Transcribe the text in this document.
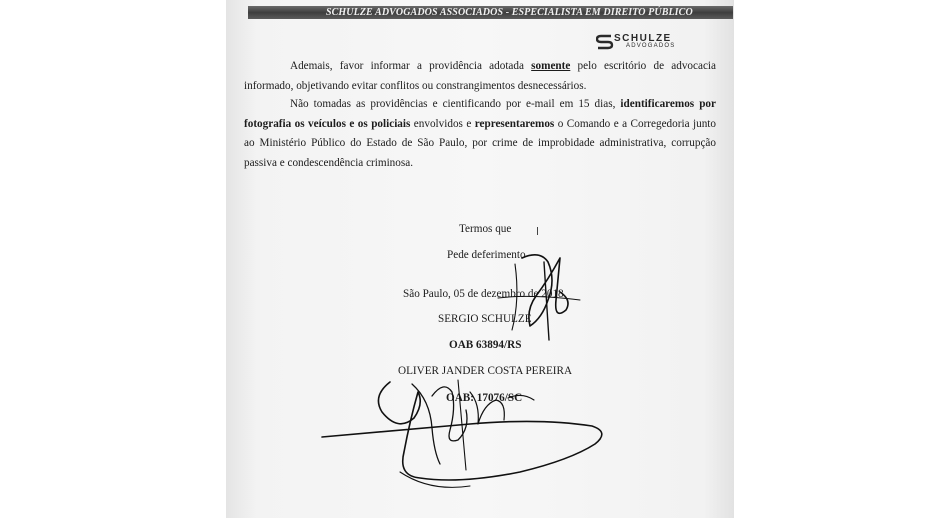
SCHULZE ADVOGADOS ASSOCIADOS - ESPECIALISTA EM DIREITO PÚBLICO
SCHULZE
ADVOGADOS
Ademais, favor informar a providência adotada somente pelo escritório de advocacia informado, objetivando evitar conflitos ou constrangimentos desnecessários.
Não tomadas as providências e cientificando por e-mail em 15 dias, identificaremos por fotografia os veículos e os policiais envolvidos e representaremos o Comando e a Corregedoria junto ao Ministério Público do Estado de São Paulo, por crime de improbidade administrativa, corrupção passiva e condescendência criminosa.
Termos que
Pede deferimento
São Paulo, 05 de dezembro de 2018
SERGIO SCHULZE
OAB 63894/RS
OLIVER JANDER COSTA PEREIRA
OAB: 17076/SC
